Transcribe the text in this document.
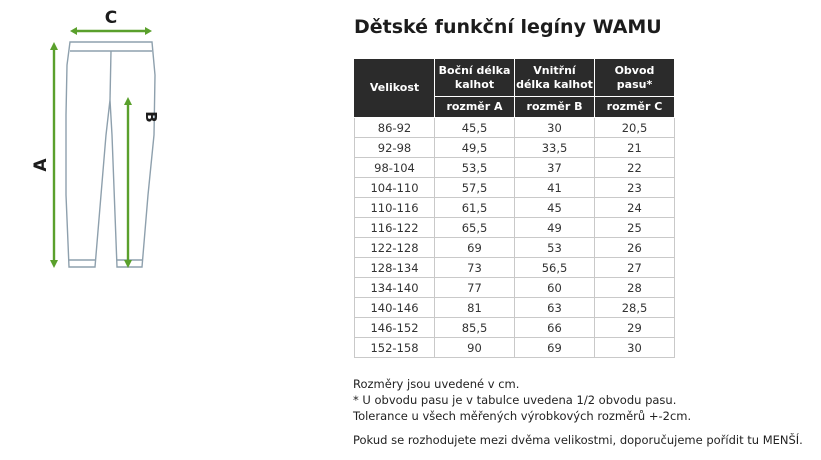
C
A
B
Dětské funkční legíny WAMU
Velikost	Boční délka kalhot	Vnitřní délka kalhot	Obvod pasu*
	rozměr A	rozměr B	rozměr C
86-92	45,5	30	20,5
92-98	49,5	33,5	21
98-104	53,5	37	22
104-110	57,5	41	23
110-116	61,5	45	24
116-122	65,5	49	25
122-128	69	53	26
128-134	73	56,5	27
134-140	77	60	28
140-146	81	63	28,5
146-152	85,5	66	29
152-158	90	69	30
Rozměry jsou uvedené v cm.
* U obvodu pasu je v tabulce uvedena 1/2 obvodu pasu.
Tolerance u všech měřených výrobkových rozměrů +-2cm.
Pokud se rozhodujete mezi dvěma velikostmi, doporučujeme pořídit tu MENŠÍ.
